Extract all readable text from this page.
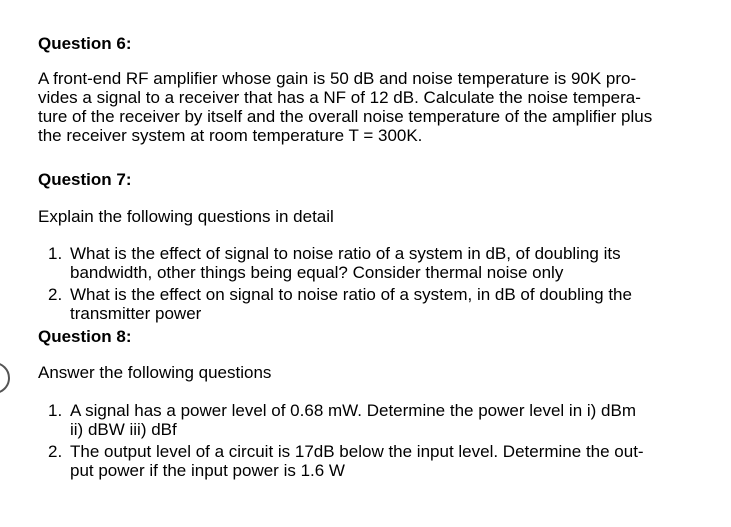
Question 6:

A front-end RF amplifier whose gain is 50 dB and noise temperature is 90K pro-
vides a signal to a receiver that has a NF of 12 dB. Calculate the noise tempera-
ture of the receiver by itself and the overall noise temperature of the amplifier plus
the receiver system at room temperature T = 300K.

Question 7:

Explain the following questions in detail

1. What is the effect of signal to noise ratio of a system in dB, of doubling its
bandwidth, other things being equal? Consider thermal noise only
2. What is the effect on signal to noise ratio of a system, in dB of doubling the
transmitter power
Question 8:

Answer the following questions

1. A signal has a power level of 0.68 mW. Determine the power level in i) dBm
ii) dBW iii) dBf
2. The output level of a circuit is 17dB below the input level. Determine the out-
put power if the input power is 1.6 W
